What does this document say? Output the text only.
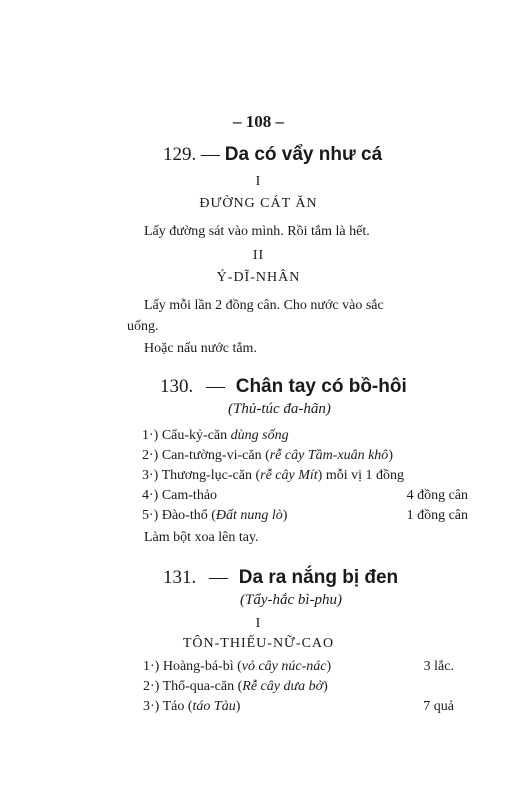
– 108 –
129. — Da có vẩy như cá
I
ĐƯỜNG CÁT ĂN
Lấy đường sát vào mình. Rồi tắm là hết.
II
Ý-DĨ-NHÂN
Lấy mỗi lần 2 đồng cân. Cho nước vào sắc
uống.
Hoặc nấu nước tắm.
130. — Chân tay có bồ-hôi
(Thủ-túc đa-hãn)
1·) Cẩu-kỷ-căn dùng sống
2·) Can-tường-vi-căn (rễ cây Tầm-xuân khô)
3·) Thương-lục-căn (rễ cây Mít) mỗi vị 1 đồng
4·) Cam-thảo	4 đồng cân
5·) Đào-thổ (Đất nung lò)	1 đồng cân
Làm bột xoa lên tay.
131. — Da ra nắng bị đen
(Tẩy-hắc bì-phu)
I
TÔN-THIẾU-NỮ-CAO
1·) Hoàng-bá-bì (vỏ cây núc-nác)	3 lắc.
2·) Thổ-qua-căn (Rễ cây dưa bở)
3·) Táo (táo Tàu)	7 quả
